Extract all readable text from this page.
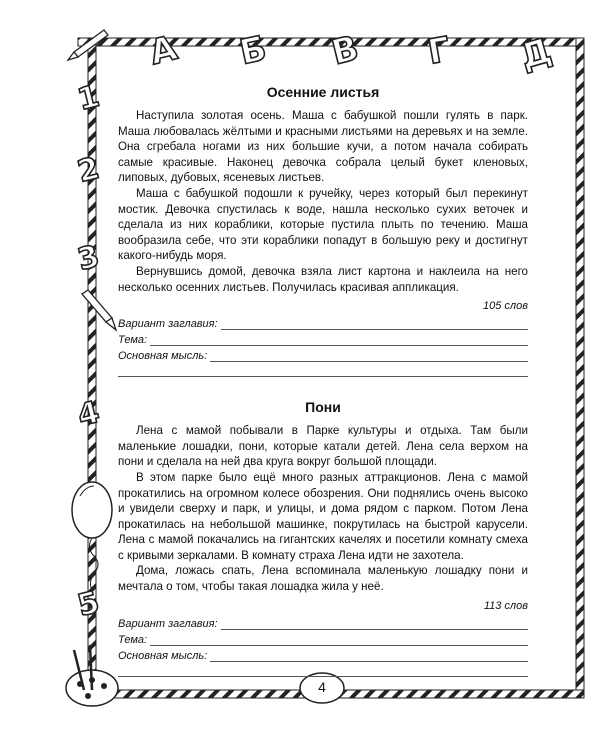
А Б В Г Д
1
2
3
4
5
Осенние листья

Наступила золотая осень. Маша с бабушкой пошли гулять в парк. Маша любовалась жёлтыми и красными листьями на деревьях и на земле. Она сгребала ногами из них большие кучи, а потом начала собирать самые красивые. Наконец девочка собрала целый букет кленовых, липовых, дубовых, ясеневых листьев.

Маша с бабушкой подошли к ручейку, через который был перекинут мостик. Девочка спустилась к воде, нашла несколько сухих веточек и сделала из них кораблики, которые пустила плыть по течению. Маша вообразила себе, что эти кораблики попадут в большую реку и достигнут какого-нибудь моря.

Вернувшись домой, девочка взяла лист картона и наклеила на него несколько осенних листьев. Получилась красивая аппликация.

105 слов
Вариант заглавия:
Тема:
Основная мысль:
Пони

Лена с мамой побывали в Парке культуры и отдыха. Там были маленькие лошадки, пони, которые катали детей. Лена села верхом на пони и сделала на ней два круга вокруг большой площади.

В этом парке было ещё много разных аттракционов. Лена с мамой прокатились на огромном колесе обозрения. Они поднялись очень высоко и увидели сверху и парк, и улицы, и дома рядом с парком. Потом Лена прокатилась на небольшой машинке, покрутилась на быстрой карусели. Лена с мамой покачались на гигантских качелях и посетили комнату смеха с кривыми зеркалами. В комнату страха Лена идти не захотела.

Дома, ложась спать, Лена вспоминала маленькую лошадку пони и мечтала о том, чтобы такая лошадка жила у неё.

113 слов
Вариант заглавия:
Тема:
Основная мысль:
4
